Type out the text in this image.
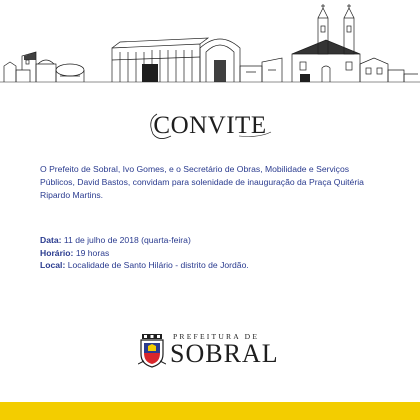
CONVITE
O Prefeito de Sobral, Ivo Gomes, e o Secretário de Obras, Mobilidade e Serviços Públicos, David Bastos, convidam para solenidade de inauguração da Praça Quitéria Ripardo Martins.
Data: 11 de julho de 2018 (quarta-feira)
Horário: 19 horas
Local: Localidade de Santo Hilário - distrito de Jordão.
PREFEITURA DE
SOBRAL
